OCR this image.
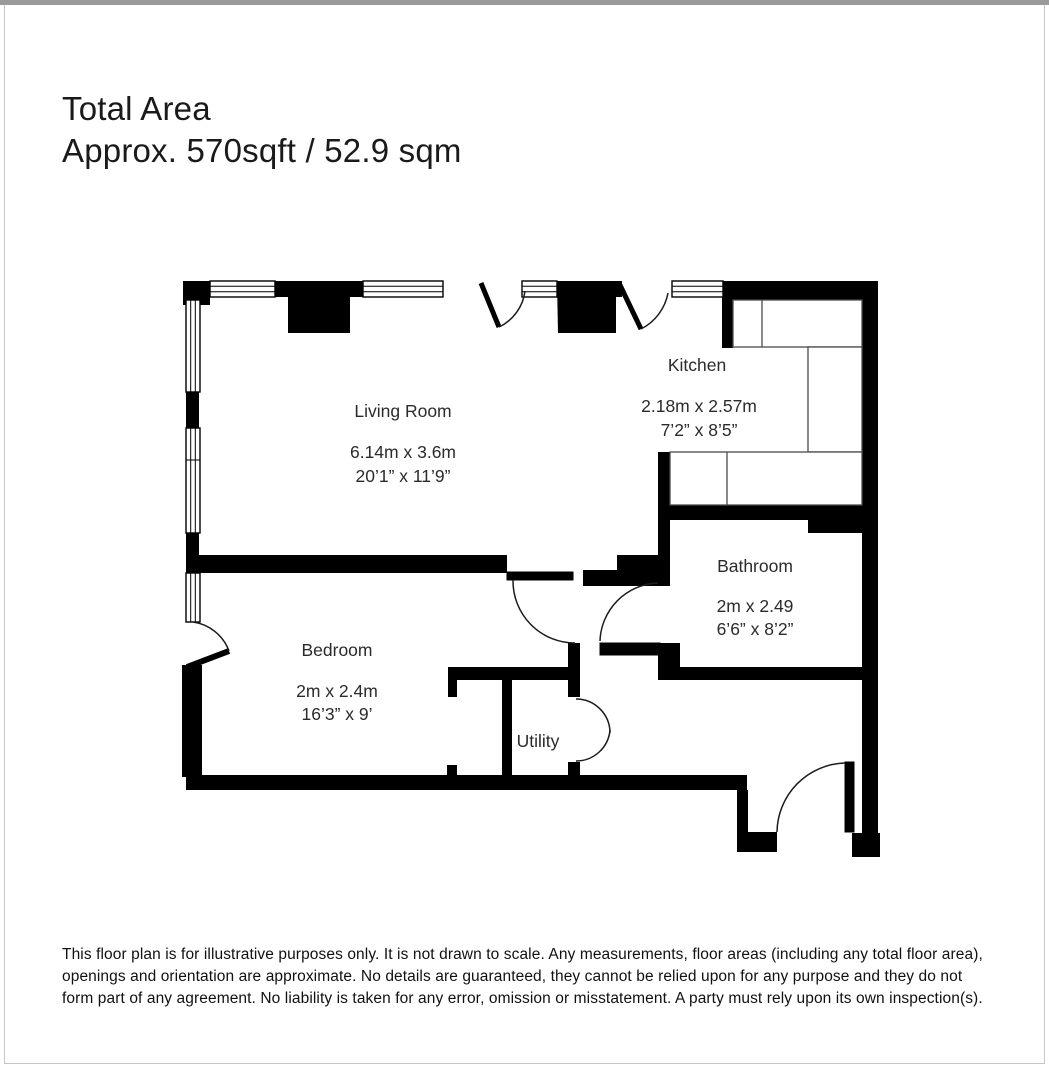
Total Area
Approx. 570sqft / 52.9 sqm
Living Room
6.14m x 3.6m
20’1” x 11’9”
Kitchen
2.18m x 2.57m
7’2” x 8’5”
Bathroom
2m x 2.49
6’6” x 8’2”
Bedroom
2m x 2.4m
16’3” x 9’
Utility
This floor plan is for illustrative purposes only. It is not drawn to scale. Any measurements, floor areas (including any total floor area), openings and orientation are approximate. No details are guaranteed, they cannot be relied upon for any purpose and they do not form part of any agreement. No liability is taken for any error, omission or misstatement. A party must rely upon its own inspection(s).
